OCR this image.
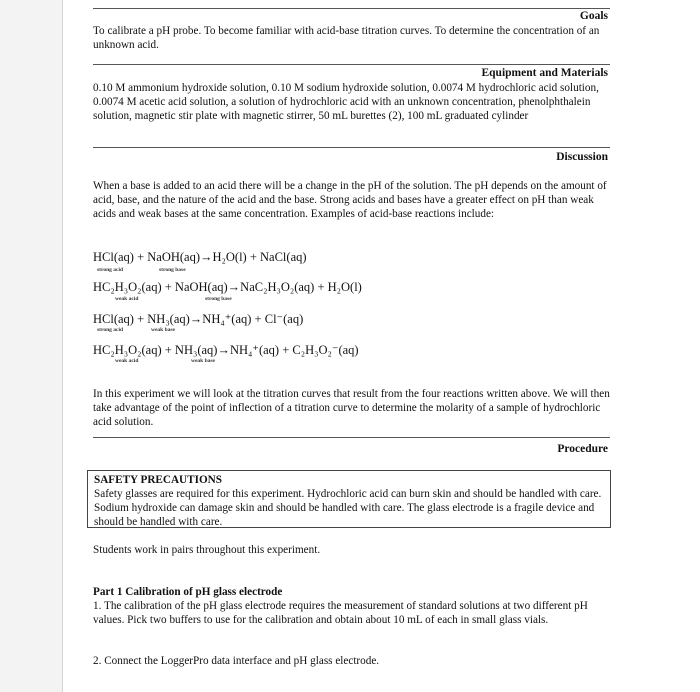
Goals
To calibrate a pH probe. To become familiar with acid-base titration curves. To determine the concentration of an unknown acid.
Equipment and Materials
0.10 M ammonium hydroxide solution, 0.10 M sodium hydroxide solution, 0.0074 M hydrochloric acid solution, 0.0074 M acetic acid solution, a solution of hydrochloric acid with an unknown concentration, phenolphthalein solution, magnetic stir plate with magnetic stirrer, 50 mL burettes (2), 100 mL graduated cylinder
Discussion
When a base is added to an acid there will be a change in the pH of the solution. The pH depends on the amount of acid, base, and the nature of the acid and the base. Strong acids and bases have a greater effect on pH than weak acids and weak bases at the same concentration. Examples of acid-base reactions include:
HCl(aq) + NaOH(aq)→H₂O(l) + NaCl(aq)
strong acid	strong base
HC₂H₃O₂(aq) + NaOH(aq)→NaC₂H₃O₂(aq) + H₂O(l)
weak acid	strong base
HCl(aq) + NH₃(aq)→NH₄⁺(aq) + Cl⁻(aq)
strong acid	weak base
HC₂H₃O₂(aq) + NH₃(aq)→NH₄⁺(aq) + C₂H₃O₂⁻(aq)
weak acid	weak base
In this experiment we will look at the titration curves that result from the four reactions written above. We will then take advantage of the point of inflection of a titration curve to determine the molarity of a sample of hydrochloric acid solution.
Procedure
SAFETY PRECAUTIONS
Safety glasses are required for this experiment. Hydrochloric acid can burn skin and should be handled with care. Sodium hydroxide can damage skin and should be handled with care. The glass electrode is a fragile device and should be handled with care.
Students work in pairs throughout this experiment.
Part 1 Calibration of pH glass electrode
1. The calibration of the pH glass electrode requires the measurement of standard solutions at two different pH values. Pick two buffers to use for the calibration and obtain about 10 mL of each in small glass vials.
2. Connect the LoggerPro data interface and pH glass electrode.
